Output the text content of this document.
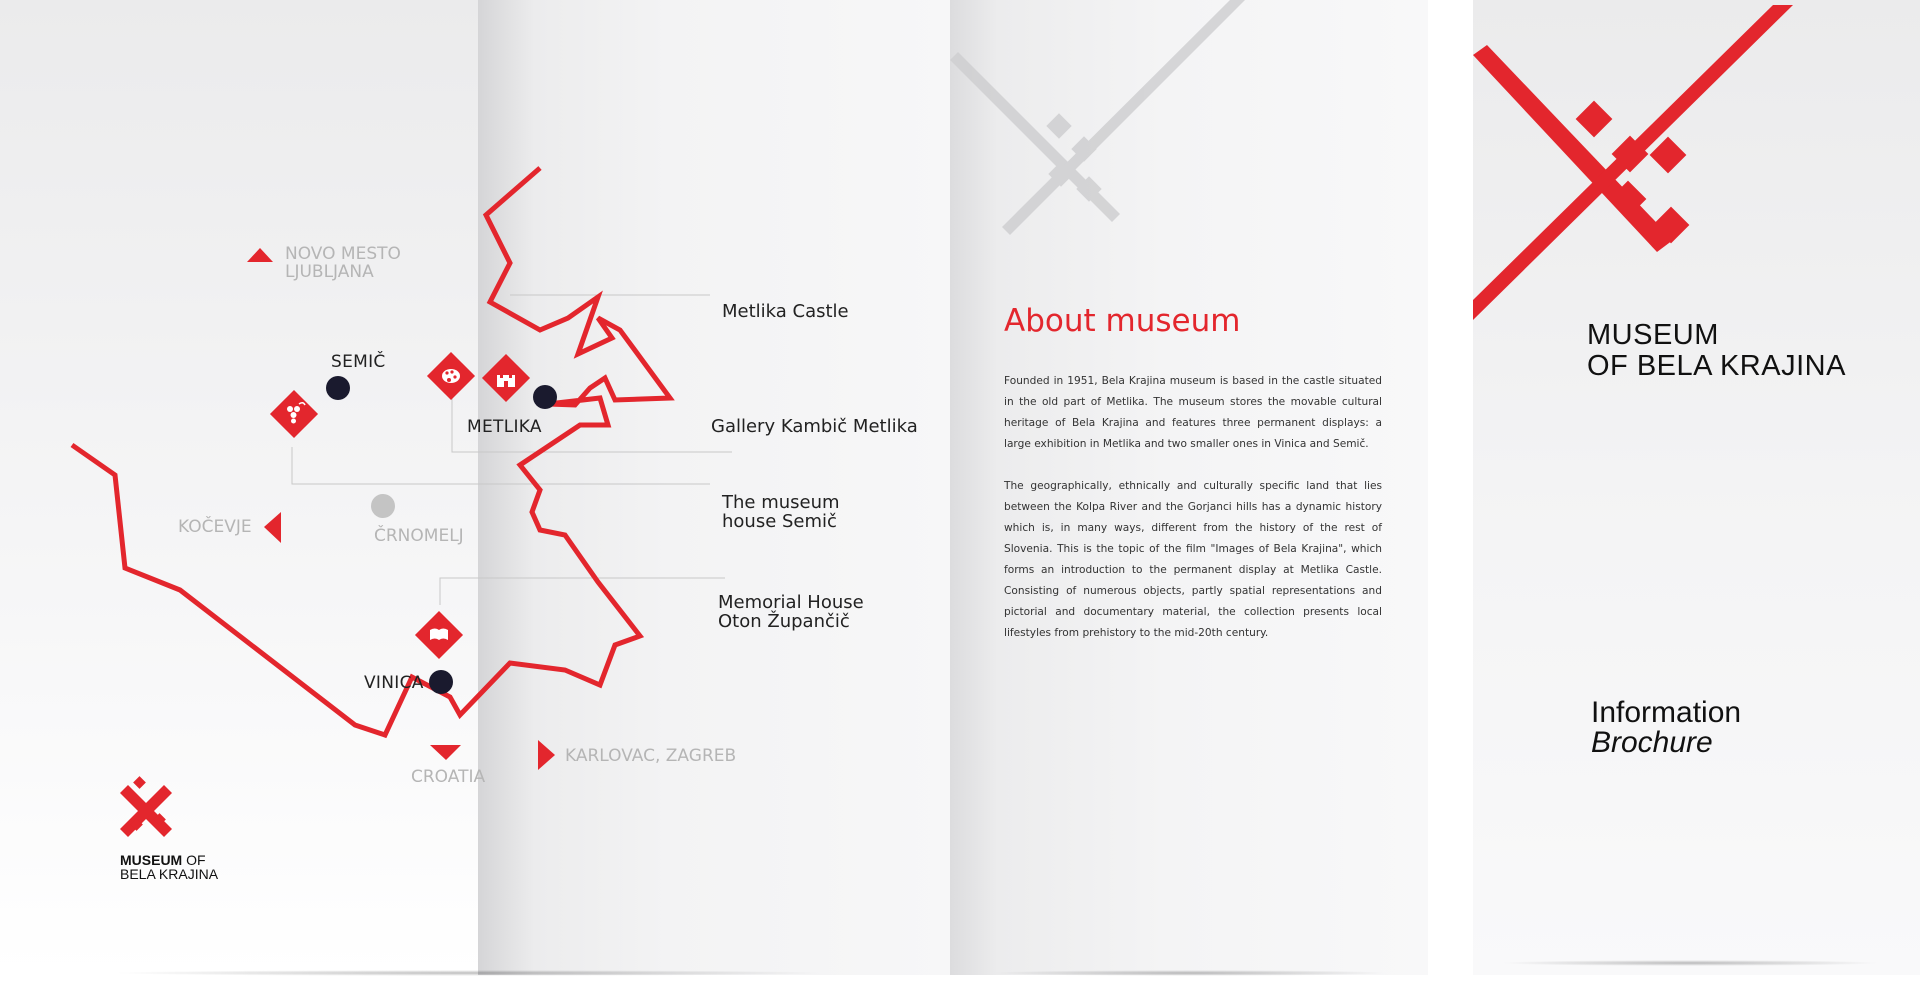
SEMIČ
METLIKA
VINICA
ČRNOMELJ
NOVO MESTO
LJUBLJANA
KOČEVJE
CROATIA
KARLOVAC, ZAGREB
Metlika Castle
Gallery Kambič Metlika
The museum
house Semič
Memorial House
Oton Župančič
MUSEUM OF
BELA KRAJINA
About museum
Founded in 1951, Bela Krajina museum is based in the castle situated in the old part of Metlika. The museum stores the movable cultural heritage of Bela Krajina and features three permanent displays: a large exhibition in Metlika and two smaller ones in Vinica and Semič.
The geographically, ethnically and culturally specific land that lies between the Kolpa River and the Gorjanci hills has a dynamic history which is, in many ways, different from the history of the rest of Slovenia. This is the topic of the film "Images of Bela Krajina", which forms an introduction to the permanent display at Metlika Castle. Consisting of numerous objects, partly spatial representations and pictorial and documentary material, the collection presents local lifestyles from prehistory to the mid-20th century.
MUSEUM
OF BELA KRAJINA
Information
Brochure
